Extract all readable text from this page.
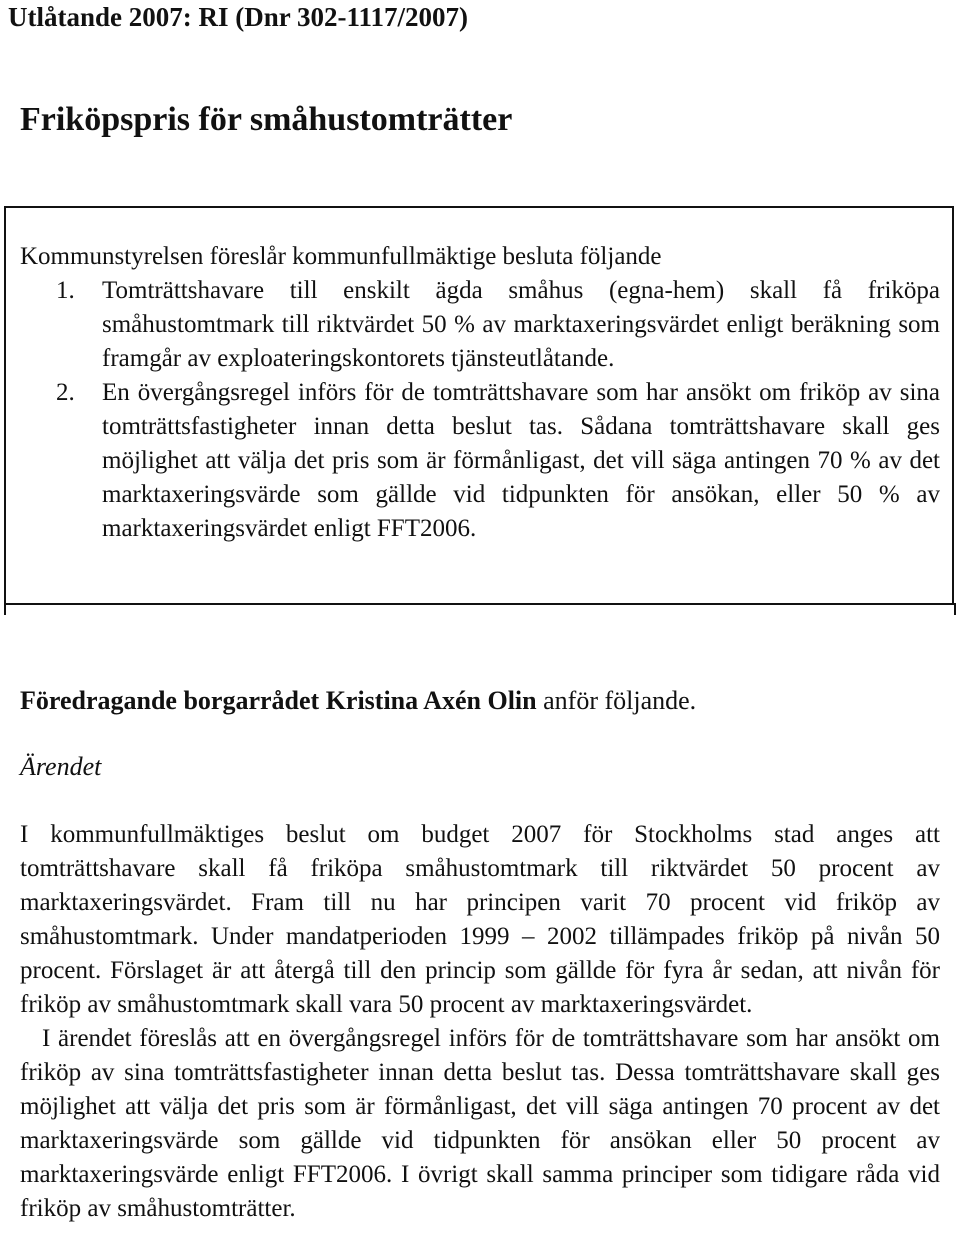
Utlåtande 2007: RI (Dnr 302-1117/2007)
Friköpspris för småhustomträtter
Kommunstyrelsen föreslår kommunfullmäktige besluta följande
1.	Tomträttshavare till enskilt ägda småhus (egna-hem) skall få friköpa småhustomtmark till riktvärdet 50 % av marktaxeringsvärdet enligt beräkning som framgår av exploateringskontorets tjänsteutlåtande.
2.	En övergångsregel införs för de tomträttshavare som har ansökt om friköp av sina tomträttsfastigheter innan detta beslut tas. Sådana tomträttshavare skall ges möjlighet att välja det pris som är förmånligast, det vill säga antingen 70 % av det marktaxeringsvärde som gällde vid tidpunkten för ansökan, eller 50 % av marktaxeringsvärdet enligt FFT2006.
Föredragande borgarrådet Kristina Axén Olin anför följande.
Ärendet

I kommunfullmäktiges beslut om budget 2007 för Stockholms stad anges att tomträttshavare skall få friköpa småhustomtmark till riktvärdet 50 procent av marktaxeringsvärdet. Fram till nu har principen varit 70 procent vid friköp av småhustomtmark. Under mandatperioden 1999 – 2002 tillämpades friköp på nivån 50 procent. Förslaget är att återgå till den princip som gällde för fyra år sedan, att nivån för friköp av småhustomtmark skall vara 50 procent av marktaxeringsvärdet.

I ärendet föreslås att en övergångsregel införs för de tomträttshavare som har ansökt om friköp av sina tomträttsfastigheter innan detta beslut tas. Dessa tomträttshavare skall ges möjlighet att välja det pris som är förmånligast, det vill säga antingen 70 procent av det marktaxeringsvärde som gällde vid tidpunkten för ansökan eller 50 procent av marktaxeringsvärde enligt FFT2006. I övrigt skall samma principer som tidigare råda vid friköp av småhustomträtter.
